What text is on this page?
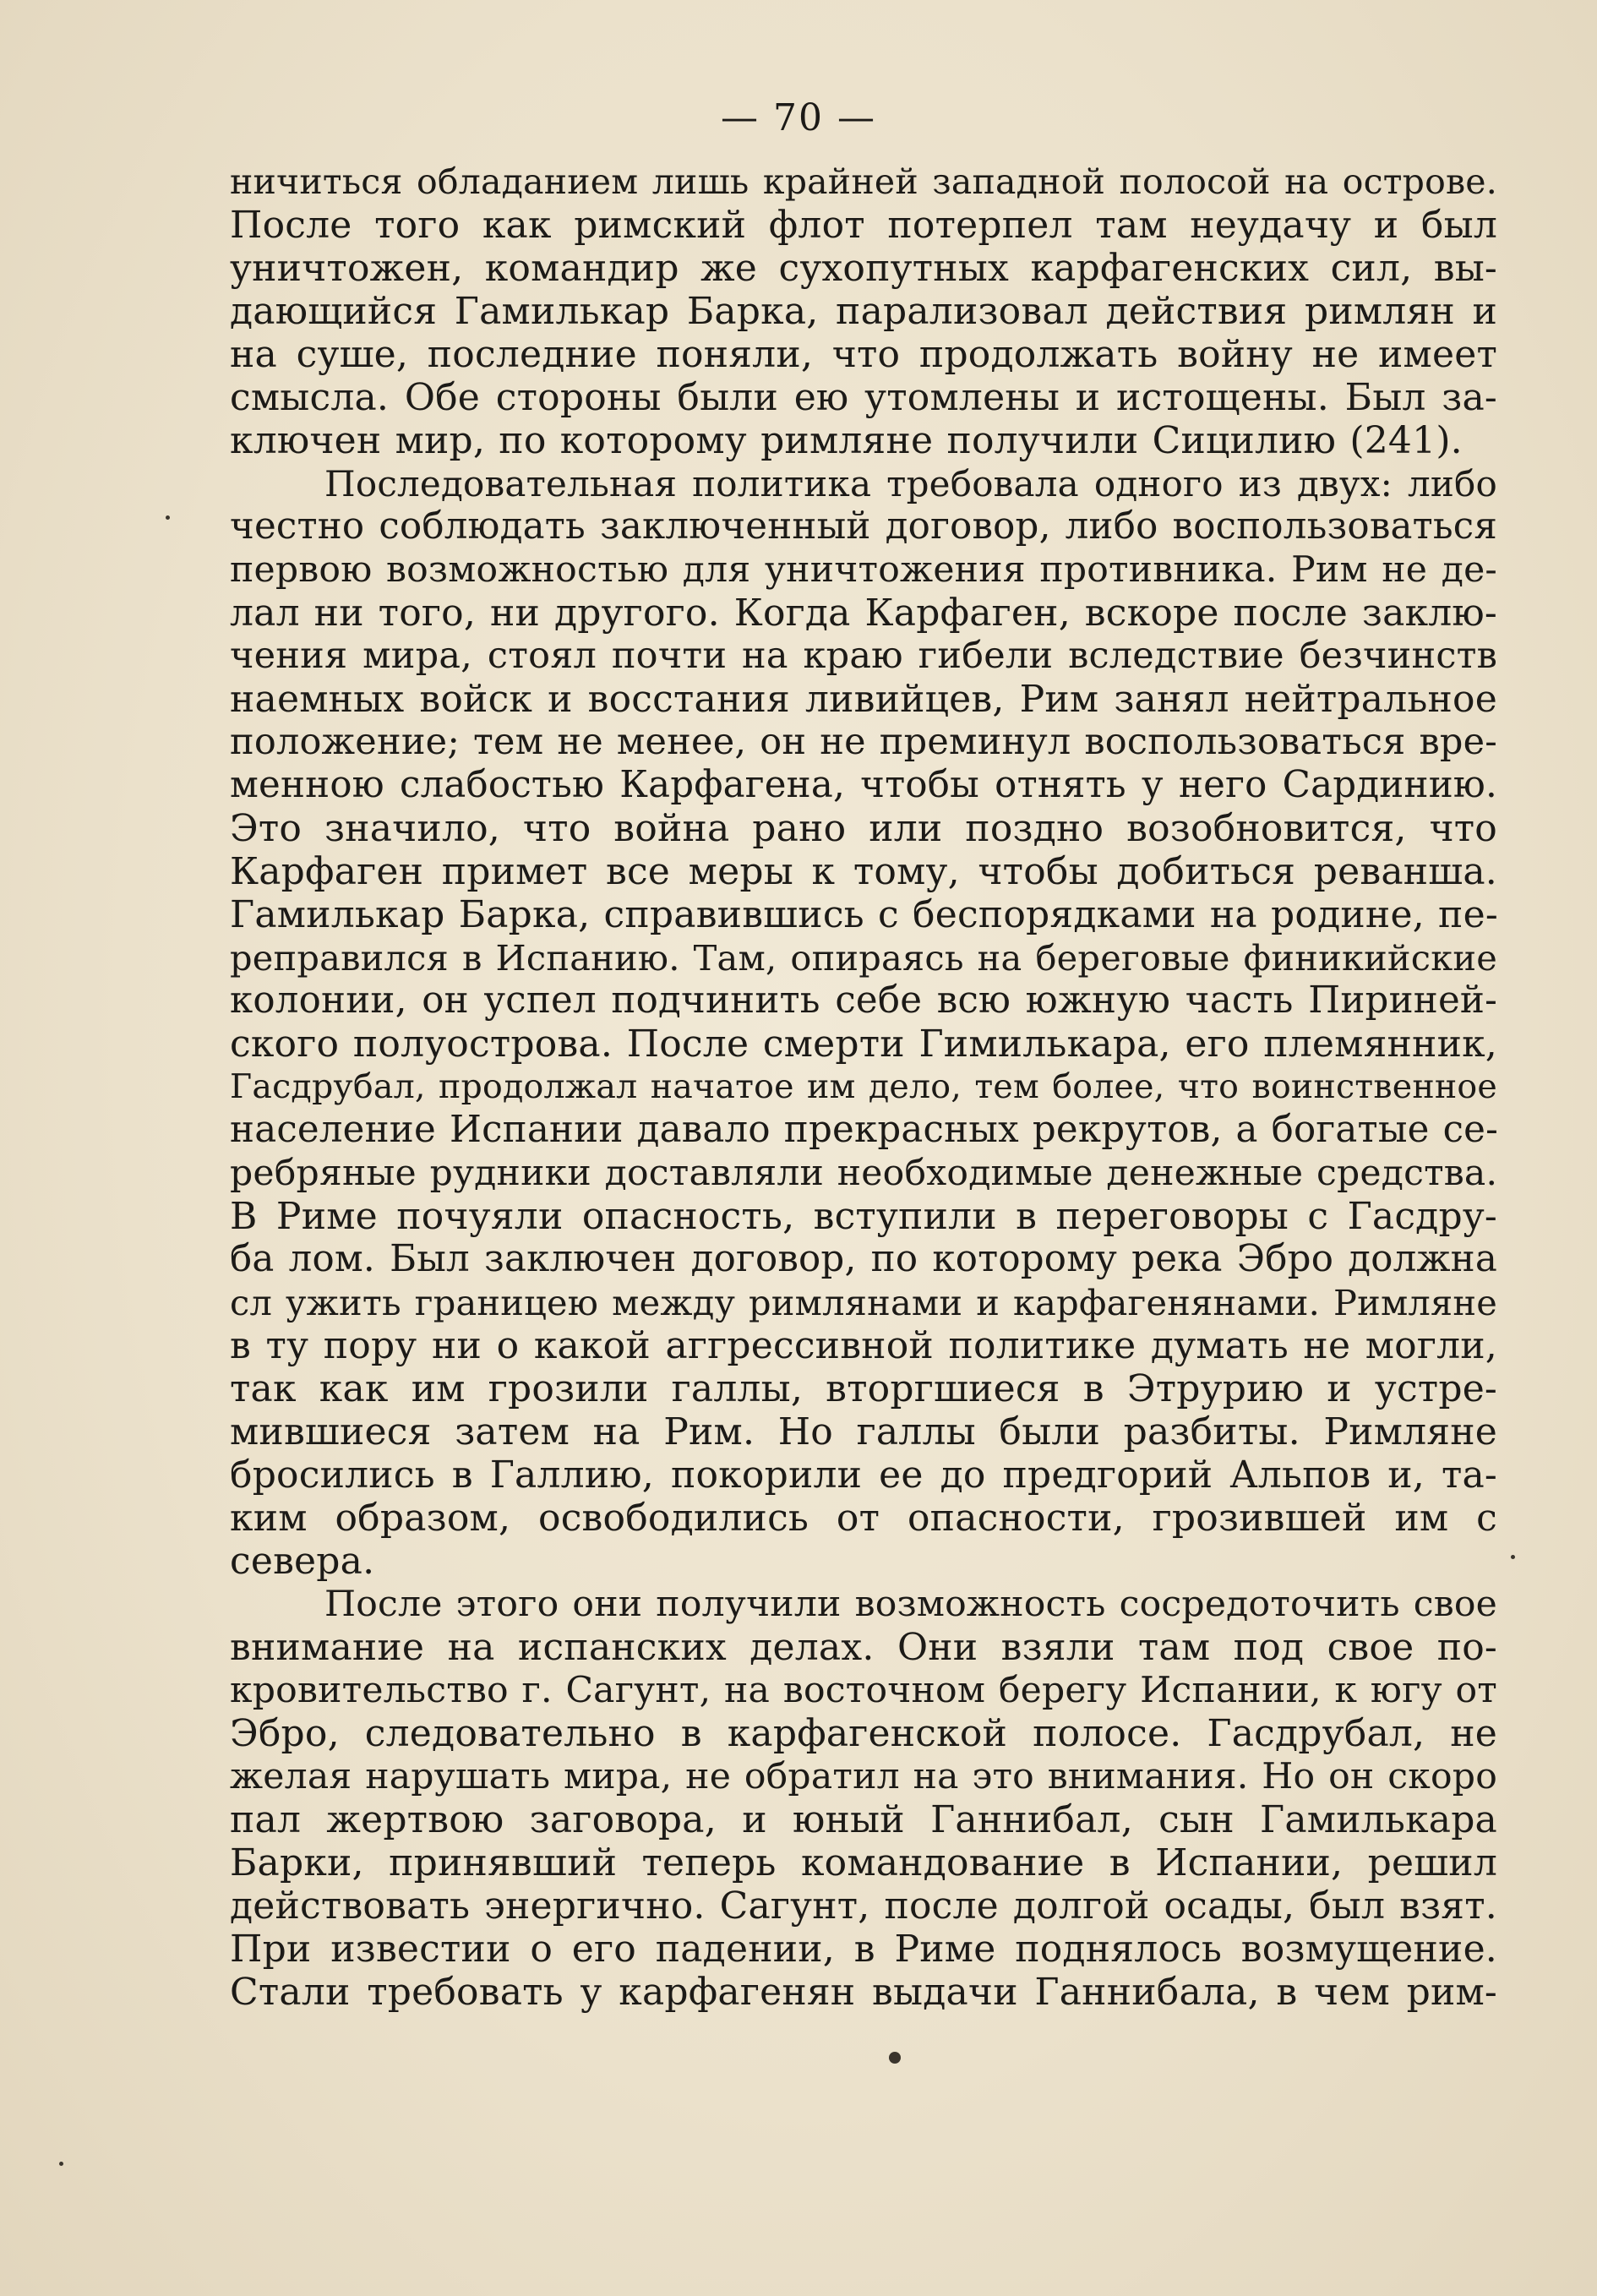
— 70 —
ничиться обладанием лишь крайней западной полосой на острове.
После того как римский флот потерпел там неудачу и был
уничтожен, командир же сухопутных карфагенских сил, вы-
дающийся Гамилькар Барка, парализовал действия римлян и
на суше, последние поняли, что продолжать войну не имеет
смысла. Обе стороны были ею утомлены и истощены. Был за-
ключен мир, по которому римляне получили Сицилию (241).
Последовательная политика требовала одного из двух: либо
честно соблюдать заключенный договор, либо воспользоваться
первою возможностью для уничтожения противника. Рим не де-
лал ни того, ни другого. Когда Карфаген, вскоре после заклю-
чения мира, стоял почти на краю гибели вследствие безчинств
наемных войск и восстания ливийцев, Рим занял нейтральное
положение; тем не менее, он не преминул воспользоваться вре-
менною слабостью Карфагена, чтобы отнять у него Сардинию.
Это значило, что война рано или поздно возобновится, что
Карфаген примет все меры к тому, чтобы добиться реванша.
Гамилькар Барка, справившись с беспорядками на родине, пе-
реправился в Испанию. Там, опираясь на береговые финикийские
колонии, он успел подчинить себе всю южную часть Пириней-
ского полуострова. После смерти Гимилькара, его племянник,
Гасдрубал, продолжал начатое им дело, тем более, что воинственное
население Испании давало прекрасных рекрутов, а богатые се-
ребряные рудники доставляли необходимые денежные средства.
В Риме почуяли опасность, вступили в переговоры с Гасдру-
ба лом. Был заключен договор, по которому река Эбро должна
сл ужить границею между римлянами и карфагенянами. Римляне
в ту пору ни о какой аггрессивной политике думать не могли,
так как им грозили галлы, вторгшиеся в Этрурию и устре-
мившиеся затем на Рим. Но галлы были разбиты. Римляне
бросились в Галлию, покорили ее до предгорий Альпов и, та-
ким образом, освободились от опасности, грозившей им с
севера.
После этого они получили возможность сосредоточить свое
внимание на испанских делах. Они взяли там под свое по-
кровительство г. Сагунт, на восточном берегу Испании, к югу от
Эбро, следовательно в карфагенской полосе. Гасдрубал, не
желая нарушать мира, не обратил на это внимания. Но он скоро
пал жертвою заговора, и юный Ганнибал, сын Гамилькара
Барки, принявший теперь командование в Испании, решил
действовать энергично. Сагунт, после долгой осады, был взят.
При известии о его падении, в Риме поднялось возмущение.
Стали требовать у карфагенян выдачи Ганнибала, в чем рим-
